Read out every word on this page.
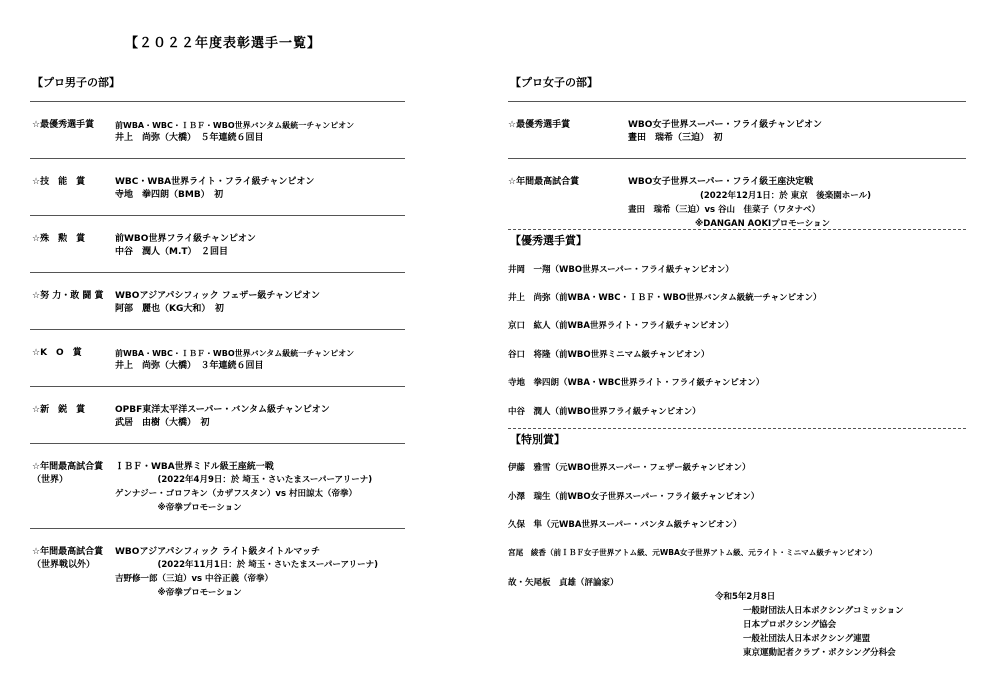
【２０２２年度表彰選手一覧】
【プロ男子の部】
☆最優秀選手賞	前WBA・WBC・ＩＢＦ・WBO世界バンタム級統一チャンピオン
井上　尚弥（大橋）　５年連続６回目
☆技　能　賞	WBC・WBA世界ライト・フライ級チャンピオン
寺地　拳四朗（BMB）　初
☆殊　勲　賞	前WBO世界フライ級チャンピオン
中谷　潤人（M.T）　２回目
☆努 力・敢 闘 賞 WBOアジアパシフィック フェザー級チャンピオン
阿部　麗也（KG大和）　初
☆K　O　賞	前WBA・WBC・ＩＢＦ・WBO世界バンタム級統一チャンピオン
井上　尚弥（大橋）　３年連続６回目
☆新　鋭　賞	OPBF東洋太平洋スーパー・バンタム級チャンピオン
武居　由樹（大橋）　初
☆年間最高試合賞
（世界）
ＩＢＦ・WBA世界ミドル級王座統一戦
　　　　　(2022年4月9日：於 埼玉・さいたまスーパーアリーナ)
ゲンナジー・ゴロフキン（カザフスタン）vs 村田諒太（帝拳）
　　　　　※帝拳プロモーション
☆年間最高試合賞
（世界戦以外）
WBOアジアパシフィック ライト級タイトルマッチ
　　　　　(2022年11月1日：於 埼玉・さいたまスーパーアリーナ)
吉野修一郎（三迫）vs 中谷正義（帝拳）
　　　　　※帝拳プロモーション
【プロ女子の部】
☆最優秀選手賞	WBO女子世界スーパー・フライ級チャンピオン
晝田　瑞希（三迫）　初
☆年間最高試合賞	WBO女子世界スーパー・フライ級王座決定戦
(2022年12月1日：於 東京　後楽園ホール)
晝田　瑞希（三迫）vs 谷山　佳菜子（ワタナベ）
※DANGAN AOKIプロモーション
【優秀選手賞】
井岡　一翔（WBO世界スーパー・フライ級チャンピオン）
井上　尚弥（前WBA・WBC・ＩＢＦ・WBO世界バンタム級統一チャンピオン）
京口　紘人（前WBA世界ライト・フライ級チャンピオン）
谷口　将隆（前WBO世界ミニマム級チャンピオン）
寺地　拳四朗（WBA・WBC世界ライト・フライ級チャンピオン）
中谷　潤人（前WBO世界フライ級チャンピオン）
【特別賞】
伊藤　雅雪（元WBO世界スーパー・フェザー級チャンピオン）
小澤　瑞生（前WBO女子世界スーパー・フライ級チャンピオン）
久保　隼（元WBA世界スーパー・バンタム級チャンピオン）
宮尾　綾香（前ＩＢＦ女子世界アトム級、元WBA女子世界アトム級、元ライト・ミニマム級チャンピオン）
故・矢尾板　貞雄（評論家）
令和5年2月8日
一般財団法人日本ボクシングコミッション
日本プロボクシング協会
一般社団法人日本ボクシング連盟
東京運動記者クラブ・ボクシング分科会
